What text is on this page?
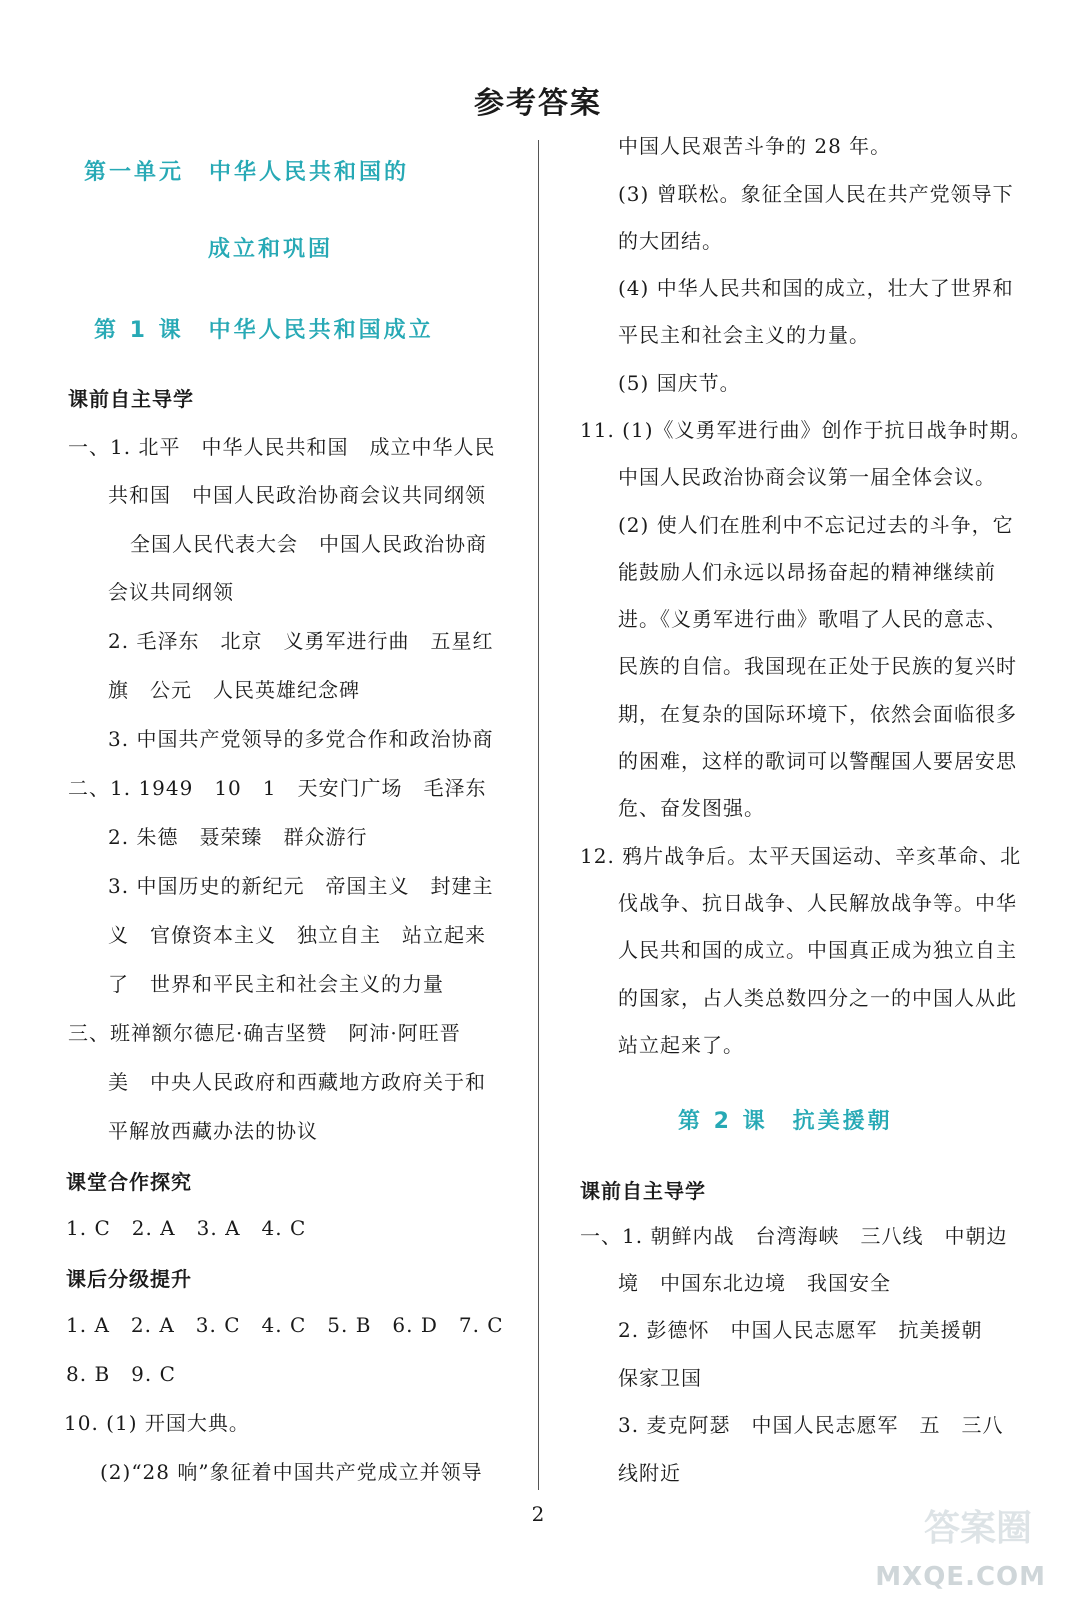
参考答案
第一单元　中华人民共和国的
成立和巩固
第 1 课　中华人民共和国成立
课前自主导学
一、1. 北平　中华人民共和国　成立中华人民
共和国　中国人民政治协商会议共同纲领
全国人民代表大会　中国人民政治协商
会议共同纲领
2. 毛泽东　北京　义勇军进行曲　五星红
旗　公元　人民英雄纪念碑
3. 中国共产党领导的多党合作和政治协商
二、1. 1949　10　1　天安门广场　毛泽东
2. 朱德　聂荣臻　群众游行
3. 中国历史的新纪元　帝国主义　封建主
义　官僚资本主义　独立自主　站立起来
了　世界和平民主和社会主义的力量
三、班禅额尔德尼·确吉坚赞　阿沛·阿旺晋
美　中央人民政府和西藏地方政府关于和
平解放西藏办法的协议
课堂合作探究
1. C　2. A　3. A　4. C
课后分级提升
1. A　2. A　3. C　4. C　5. B　6. D　7. C
8. B　9. C
10. (1) 开国大典。
(2)“28 响”象征着中国共产党成立并领导
中国人民艰苦斗争的 28 年。
(3) 曾联松。象征全国人民在共产党领导下
的大团结。
(4) 中华人民共和国的成立，壮大了世界和
平民主和社会主义的力量。
(5) 国庆节。
11. (1)《义勇军进行曲》创作于抗日战争时期。
中国人民政治协商会议第一届全体会议。
(2) 使人们在胜利中不忘记过去的斗争，它
能鼓励人们永远以昂扬奋起的精神继续前
进。《义勇军进行曲》歌唱了人民的意志、
民族的自信。我国现在正处于民族的复兴时
期，在复杂的国际环境下，依然会面临很多
的困难，这样的歌词可以警醒国人要居安思
危、奋发图强。
12. 鸦片战争后。太平天国运动、辛亥革命、北
伐战争、抗日战争、人民解放战争等。中华
人民共和国的成立。中国真正成为独立自主
的国家，占人类总数四分之一的中国人从此
站立起来了。
第 2 课　抗美援朝
课前自主导学
一、1. 朝鲜内战　台湾海峡　三八线　中朝边
境　中国东北边境　我国安全
2. 彭德怀　中国人民志愿军　抗美援朝
保家卫国
3. 麦克阿瑟　中国人民志愿军　五　三八
线附近
2	答案圈
MXQE.COM
